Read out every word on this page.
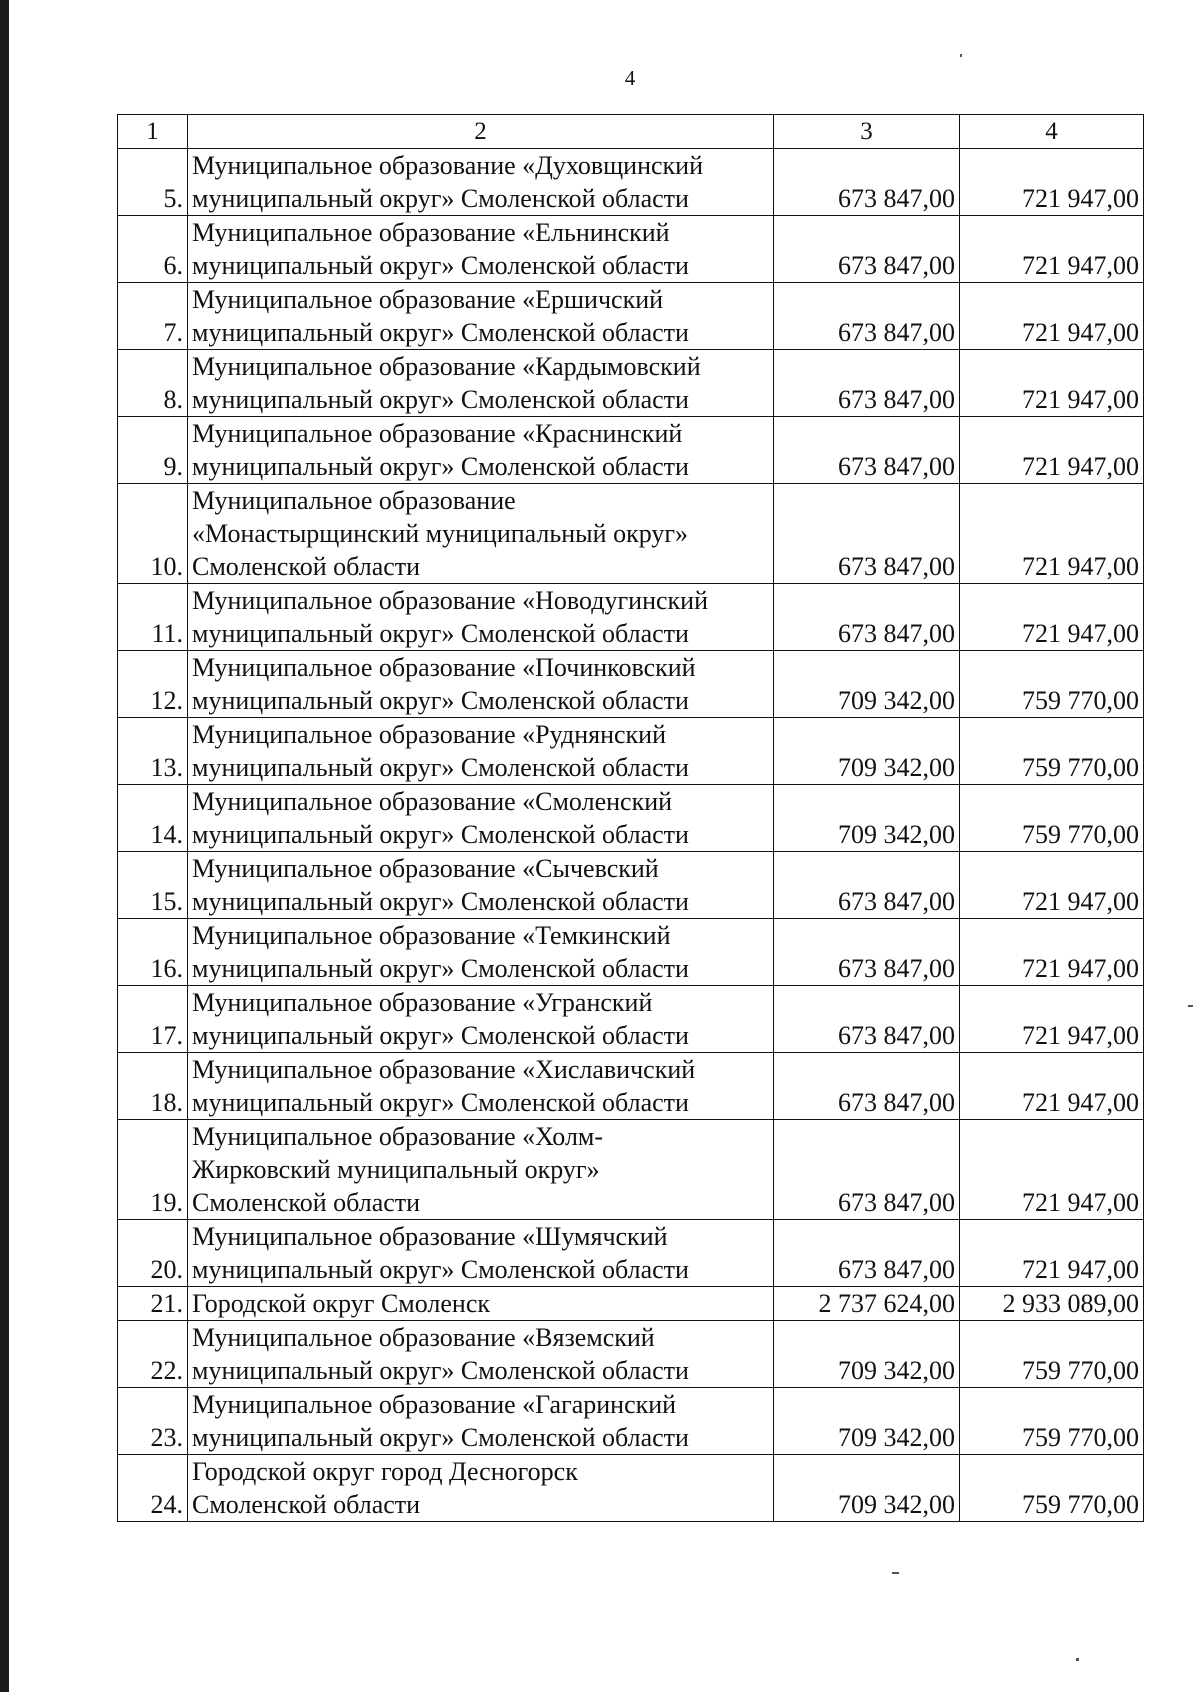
4
1	2	3	4
5.	Муниципальное образование «Духовщинский
муниципальный округ» Смоленской области	673 847,00	721 947,00
6.	Муниципальное образование «Ельнинский
муниципальный округ» Смоленской области	673 847,00	721 947,00
7.	Муниципальное образование «Ершичский
муниципальный округ» Смоленской области	673 847,00	721 947,00
8.	Муниципальное образование «Кардымовский
муниципальный округ» Смоленской области	673 847,00	721 947,00
9.	Муниципальное образование «Краснинский
муниципальный округ» Смоленской области	673 847,00	721 947,00
10.	Муниципальное образование
«Монастырщинский муниципальный округ»
Смоленской области	673 847,00	721 947,00
11.	Муниципальное образование «Новодугинский
муниципальный округ» Смоленской области	673 847,00	721 947,00
12.	Муниципальное образование «Починковский
муниципальный округ» Смоленской области	709 342,00	759 770,00
13.	Муниципальное образование «Руднянский
муниципальный округ» Смоленской области	709 342,00	759 770,00
14.	Муниципальное образование «Смоленский
муниципальный округ» Смоленской области	709 342,00	759 770,00
15.	Муниципальное образование «Сычевский
муниципальный округ» Смоленской области	673 847,00	721 947,00
16.	Муниципальное образование «Темкинский
муниципальный округ» Смоленской области	673 847,00	721 947,00
17.	Муниципальное образование «Угранский
муниципальный округ» Смоленской области	673 847,00	721 947,00
18.	Муниципальное образование «Хиславичский
муниципальный округ» Смоленской области	673 847,00	721 947,00
19.	Муниципальное образование «Холм-
Жирковский муниципальный округ»
Смоленской области	673 847,00	721 947,00
20.	Муниципальное образование «Шумячский
муниципальный округ» Смоленской области	673 847,00	721 947,00
21.	Городской округ Смоленск	2 737 624,00	2 933 089,00
22.	Муниципальное образование «Вяземский
муниципальный округ» Смоленской области	709 342,00	759 770,00
23.	Муниципальное образование «Гагаринский
муниципальный округ» Смоленской области	709 342,00	759 770,00
24.	Городской округ город Десногорск
Смоленской области	709 342,00	759 770,00
